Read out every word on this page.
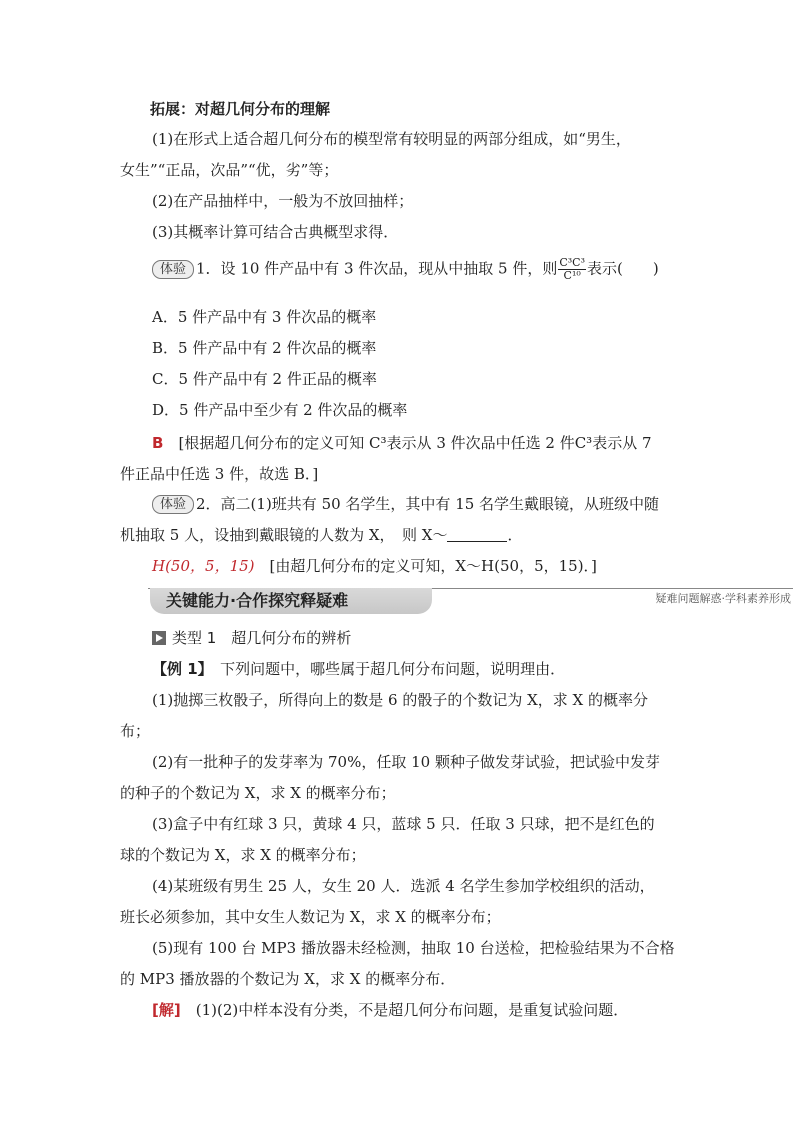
拓展：对超几何分布的理解
(1)在形式上适合超几何分布的模型常有较明显的两部分组成，如“男生，
女生”“正品，次品”“优，劣”等；
(2)在产品抽样中，一般为不放回抽样；
(3)其概率计算可结合古典概型求得．
体验 1．设 10 件产品中有 3 件次品，现从中抽取 5 件，则 $\frac{\text{C³C³}}{\text{C¹⁰}}$ 表示(　　)
A．5 件产品中有 3 件次品的概率
B．5 件产品中有 2 件次品的概率
C．5 件产品中有 2 件正品的概率
D．5 件产品中至少有 2 件次品的概率
B　[根据超几何分布的定义可知 C³表示从 3 件次品中任选 2 件C³表示从 7
件正品中任选 3 件，故选 B．]
体验 2．高二(1)班共有 50 名学生，其中有 15 名学生戴眼镜，从班级中随
机抽取 5 人，设抽到戴眼镜的人数为 X，　则 X～	．
H(50，5，15)　[由超几何分布的定义可知，X～H(50，5，15)．]
关键能力·合作探究释疑难	疑难问题解惑·学科素养形成
类型 1　超几何分布的辨析
【例 1】　下列问题中，哪些属于超几何分布问题，说明理由．
(1)抛掷三枚骰子，所得向上的数是 6 的骰子的个数记为 X，求 X 的概率分
布；
(2)有一批种子的发芽率为 70%，任取 10 颗种子做发芽试验，把试验中发芽
的种子的个数记为 X，求 X 的概率分布；
(3)盒子中有红球 3 只，黄球 4 只，蓝球 5 只．任取 3 只球，把不是红色的
球的个数记为 X，求 X 的概率分布；
(4)某班级有男生 25 人，女生 20 人．选派 4 名学生参加学校组织的活动，
班长必须参加，其中女生人数记为 X，求 X 的概率分布；
(5)现有 100 台 MP3 播放器未经检测，抽取 10 台送检，把检验结果为不合格
的 MP3 播放器的个数记为 X，求 X 的概率分布．
[解]　(1)(2)中样本没有分类，不是超几何分布问题，是重复试验问题．
